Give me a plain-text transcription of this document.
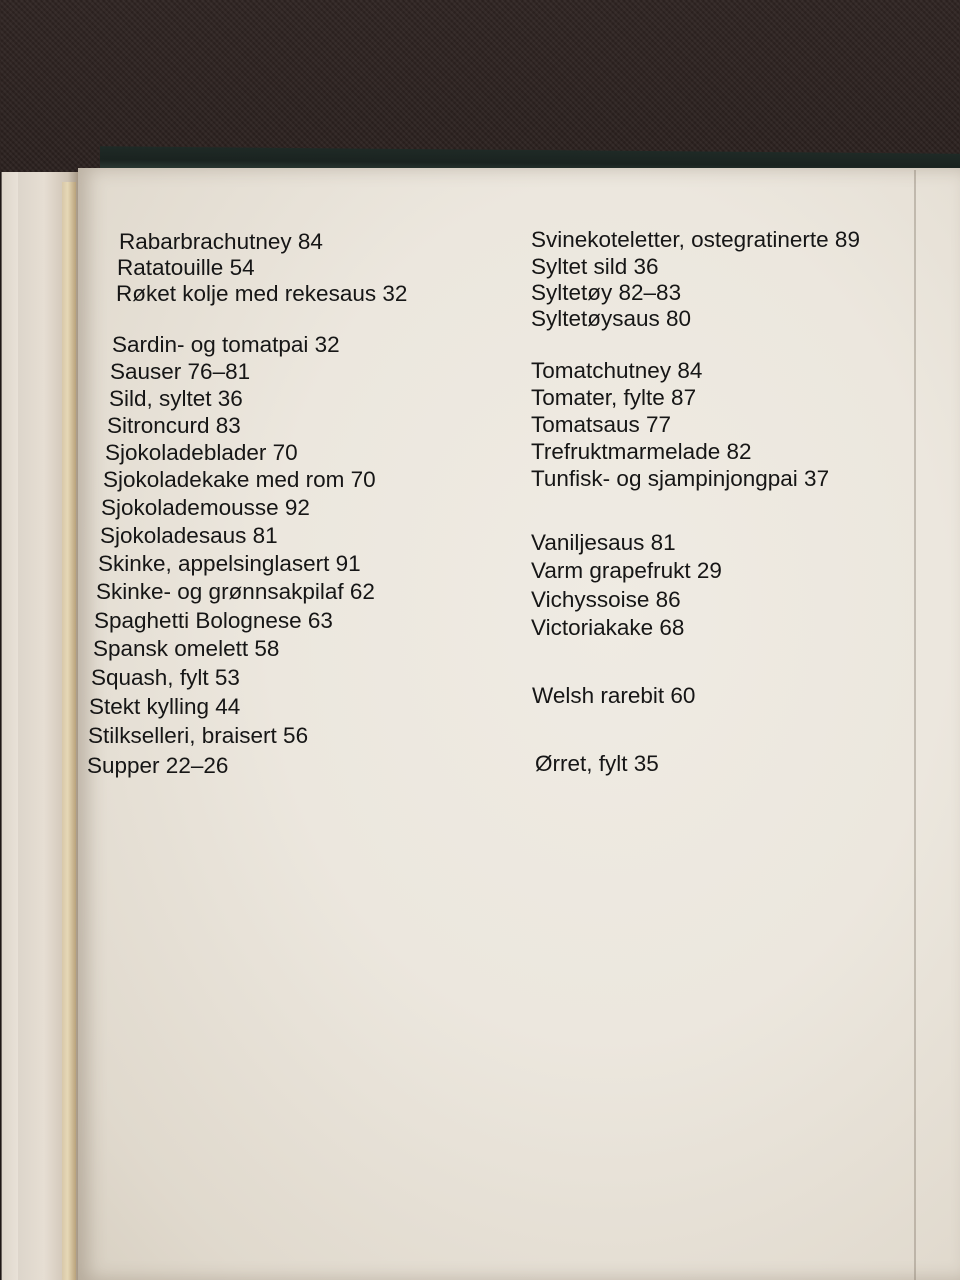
Rabarbrachutney 84
Ratatouille 54
Røket kolje med rekesaus 32
Sardin- og tomatpai 32
Sauser 76–81
Sild, syltet 36
Sitroncurd 83
Sjokoladeblader 70
Sjokoladekake med rom 70
Sjokolademousse 92
Sjokoladesaus 81
Skinke, appelsinglasert 91
Skinke- og grønnsakpilaf 62
Spaghetti Bolognese 63
Spansk omelett 58
Squash, fylt 53
Stekt kylling 44
Stilkselleri, braisert 56
Supper 22–26
Svinekoteletter, ostegratinerte 89
Syltet sild 36
Syltetøy 82–83
Syltetøysaus 80
Tomatchutney 84
Tomater, fylte 87
Tomatsaus 77
Trefruktmarmelade 82
Tunfisk- og sjampinjongpai 37
Vaniljesaus 81
Varm grapefrukt 29
Vichyssoise 86
Victoriakake 68
Welsh rarebit 60
Ørret, fylt 35
